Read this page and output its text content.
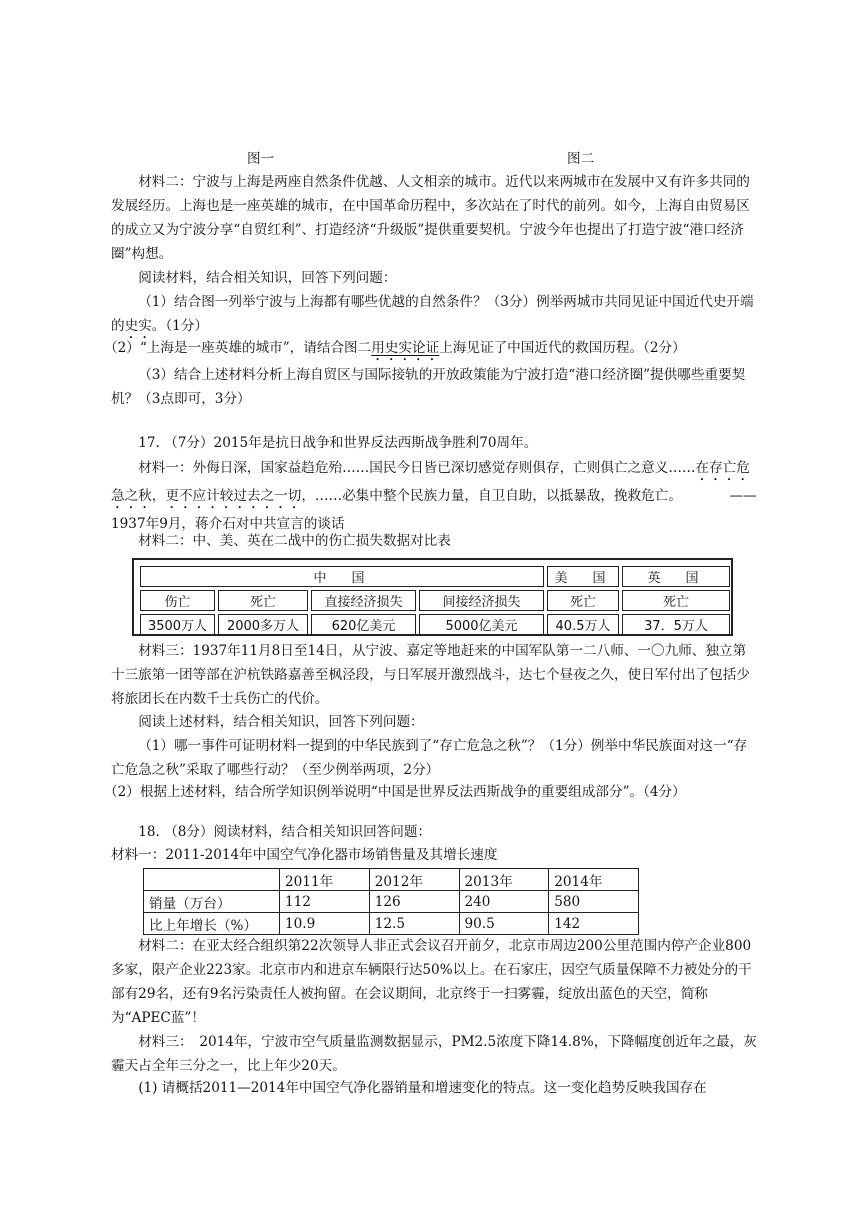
图一	图二

材料二：宁波与上海是两座自然条件优越、人文相亲的城市。近代以来两城市在发展中又有许多共同的发展经历。上海也是一座英雄的城市，在中国革命历程中，多次站在了时代的前列。如今，上海自由贸易区的成立又为宁波分享“自贸红利”、打造经济“升级版”提供重要契机。宁波今年也提出了打造宁波“港口经济圈”构想。

阅读材料，结合相关知识，回答下列问题：

（1）结合图一列举宁波与上海都有哪些优越的自然条件？（3分）例举两城市共同见证中国近代史开端的史实。（1分）

（2）“上海是一座英雄的城市”，请结合图二用史实论证上海见证了中国近代的救国历程。（2分）

（3）结合上述材料分析上海自贸区与国际接轨的开放政策能为宁波打造“港口经济圈”提供哪些重要契机？（3点即可，3分）

17. （7分）2015年是抗日战争和世界反法西斯战争胜利70周年。

材料一：外侮日深，国家益趋危殆……国民今日皆已深切感觉存则俱存，亡则俱亡之意义……在存亡危急之秋，更不应计较过去之一切，……必集中整个民族力量，自卫自助，以抵暴敌，挽救危亡。　　　　——1937年9月，蒋介石对中共宣言的谈话

材料二：中、美、英在二战中的伤亡损失数据对比表

中　国				美　国	英　国
伤亡	死亡	直接经济损失	间接经济损失	死亡	死亡
3500万人	2000多万人	620亿美元	5000亿美元	40.5万人	37．5万人

材料三：1937年11月8日至14日，从宁波、嘉定等地赶来的中国军队第一二八师、一〇九师、独立第十三旅第一团等部在沪杭铁路嘉善至枫泾段，与日军展开激烈战斗，达七个昼夜之久，使日军付出了包括少将旅团长在内数千士兵伤亡的代价。

阅读上述材料，结合相关知识，回答下列问题：

（1）哪一事件可证明材料一提到的中华民族到了“存亡危急之秋”？（1分）例举中华民族面对这一“存亡危急之秋”采取了哪些行动？（至少例举两项，2分）

（2）根据上述材料，结合所学知识例举说明“中国是世界反法西斯战争的重要组成部分”。（4分）

18. （8分）阅读材料，结合相关知识回答问题：

材料一：2011-2014年中国空气净化器市场销售量及其增长速度

	2011年	2012年	2013年	2014年
销量（万台）	112	126	240	580
比上年增长（%）	10.9	12.5	90.5	142

材料二：在亚太经合组织第22次领导人非正式会议召开前夕，北京市周边200公里范围内停产企业800多家，限产企业223家。北京市内和进京车辆限行达50%以上。在石家庄，因空气质量保障不力被处分的干部有29名，还有9名污染责任人被拘留。在会议期间，北京终于一扫雾霾，绽放出蓝色的天空，简称为“APEC蓝”！

材料三：　2014年，宁波市空气质量监测数据显示，PM2.5浓度下降14.8%，下降幅度创近年之最，灰霾天占全年三分之一，比上年少20天。

(1) 请概括2011—2014年中国空气净化器销量和增速变化的特点。这一变化趋势反映我国存在
